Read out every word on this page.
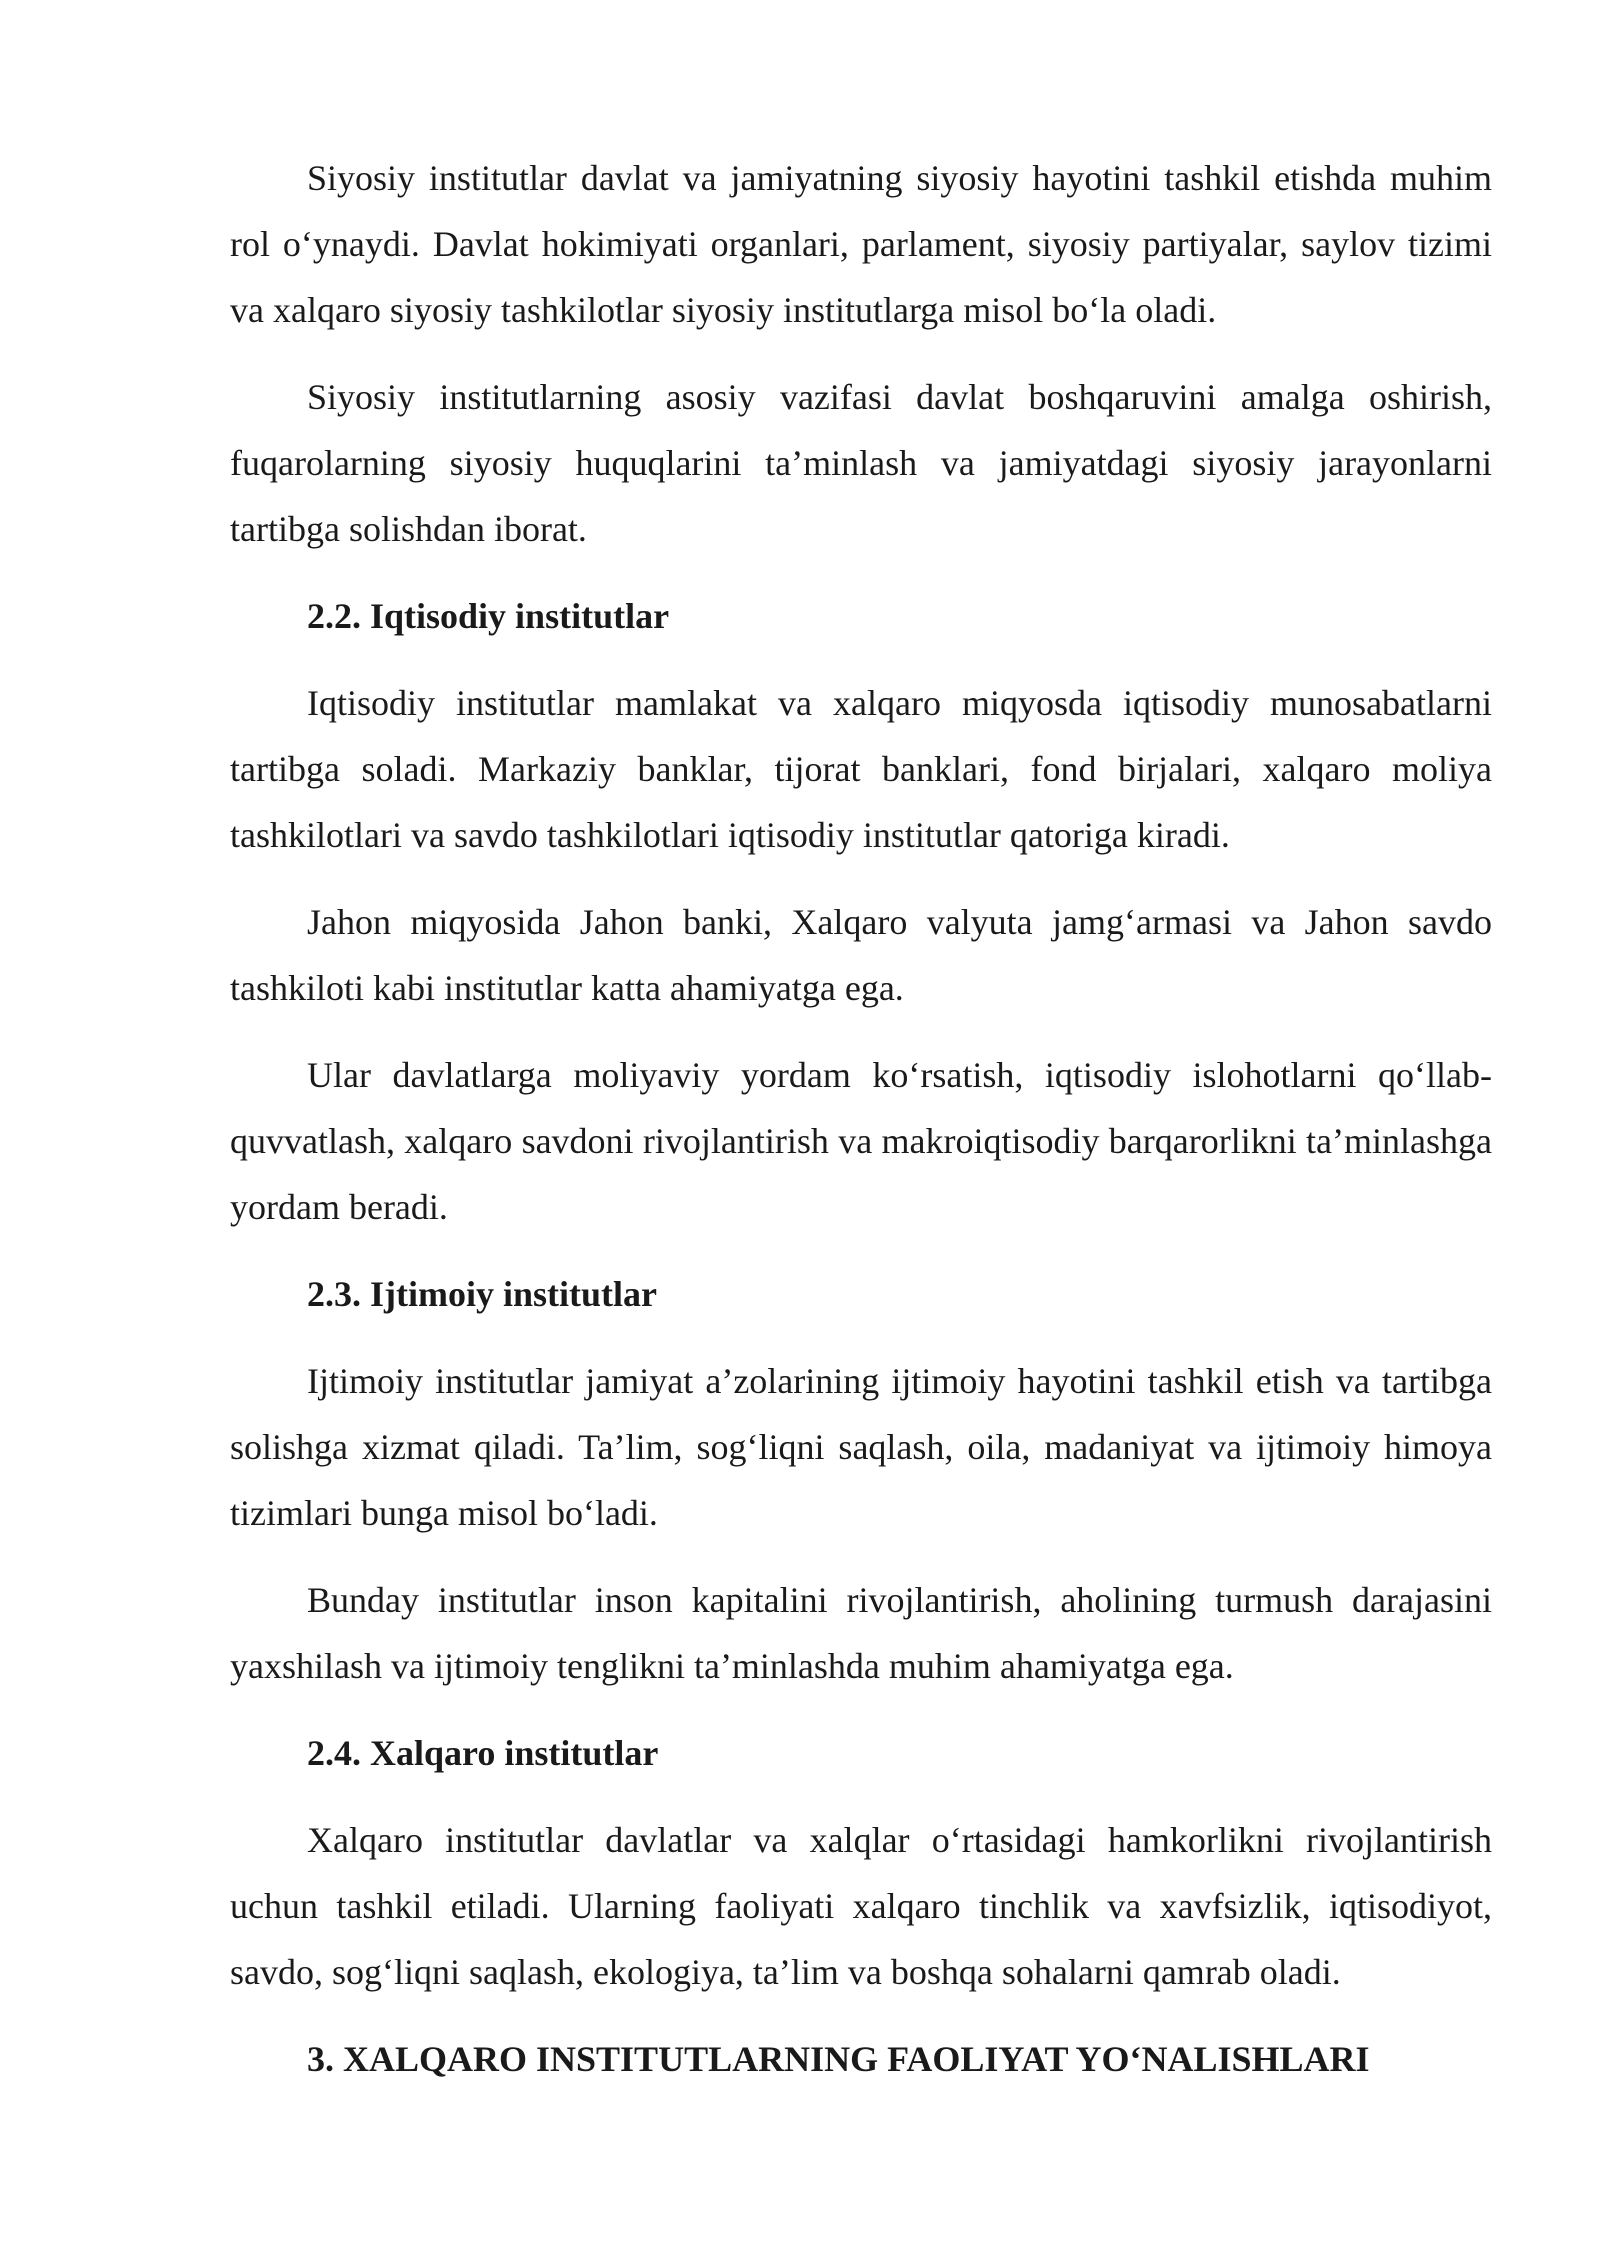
Siyosiy institutlar davlat va jamiyatning siyosiy hayotini tashkil etishda muhim rol o‘ynaydi. Davlat hokimiyati organlari, parlament, siyosiy partiyalar, saylov tizimi va xalqaro siyosiy tashkilotlar siyosiy institutlarga misol bo‘la oladi.

Siyosiy institutlarning asosiy vazifasi davlat boshqaruvini amalga oshirish, fuqarolarning siyosiy huquqlarini ta’minlash va jamiyatdagi siyosiy jarayonlarni tartibga solishdan iborat.

2.2. Iqtisodiy institutlar

Iqtisodiy institutlar mamlakat va xalqaro miqyosda iqtisodiy munosabatlarni tartibga soladi. Markaziy banklar, tijorat banklari, fond birjalari, xalqaro moliya tashkilotlari va savdo tashkilotlari iqtisodiy institutlar qatoriga kiradi.

Jahon miqyosida Jahon banki, Xalqaro valyuta jamg‘armasi va Jahon savdo tashkiloti kabi institutlar katta ahamiyatga ega.

Ular davlatlarga moliyaviy yordam ko‘rsatish, iqtisodiy islohotlarni qo‘llab-quvvatlash, xalqaro savdoni rivojlantirish va makroiqtisodiy barqarorlikni ta’minlashga yordam beradi.

2.3. Ijtimoiy institutlar

Ijtimoiy institutlar jamiyat a’zolarining ijtimoiy hayotini tashkil etish va tartibga solishga xizmat qiladi. Ta’lim, sog‘liqni saqlash, oila, madaniyat va ijtimoiy himoya tizimlari bunga misol bo‘ladi.

Bunday institutlar inson kapitalini rivojlantirish, aholining turmush darajasini yaxshilash va ijtimoiy tenglikni ta’minlashda muhim ahamiyatga ega.

2.4. Xalqaro institutlar

Xalqaro institutlar davlatlar va xalqlar o‘rtasidagi hamkorlikni rivojlantirish uchun tashkil etiladi. Ularning faoliyati xalqaro tinchlik va xavfsizlik, iqtisodiyot, savdo, sog‘liqni saqlash, ekologiya, ta’lim va boshqa sohalarni qamrab oladi.

3. XALQARO INSTITUTLARNING FAOLIYAT YO‘NALISHLARI
